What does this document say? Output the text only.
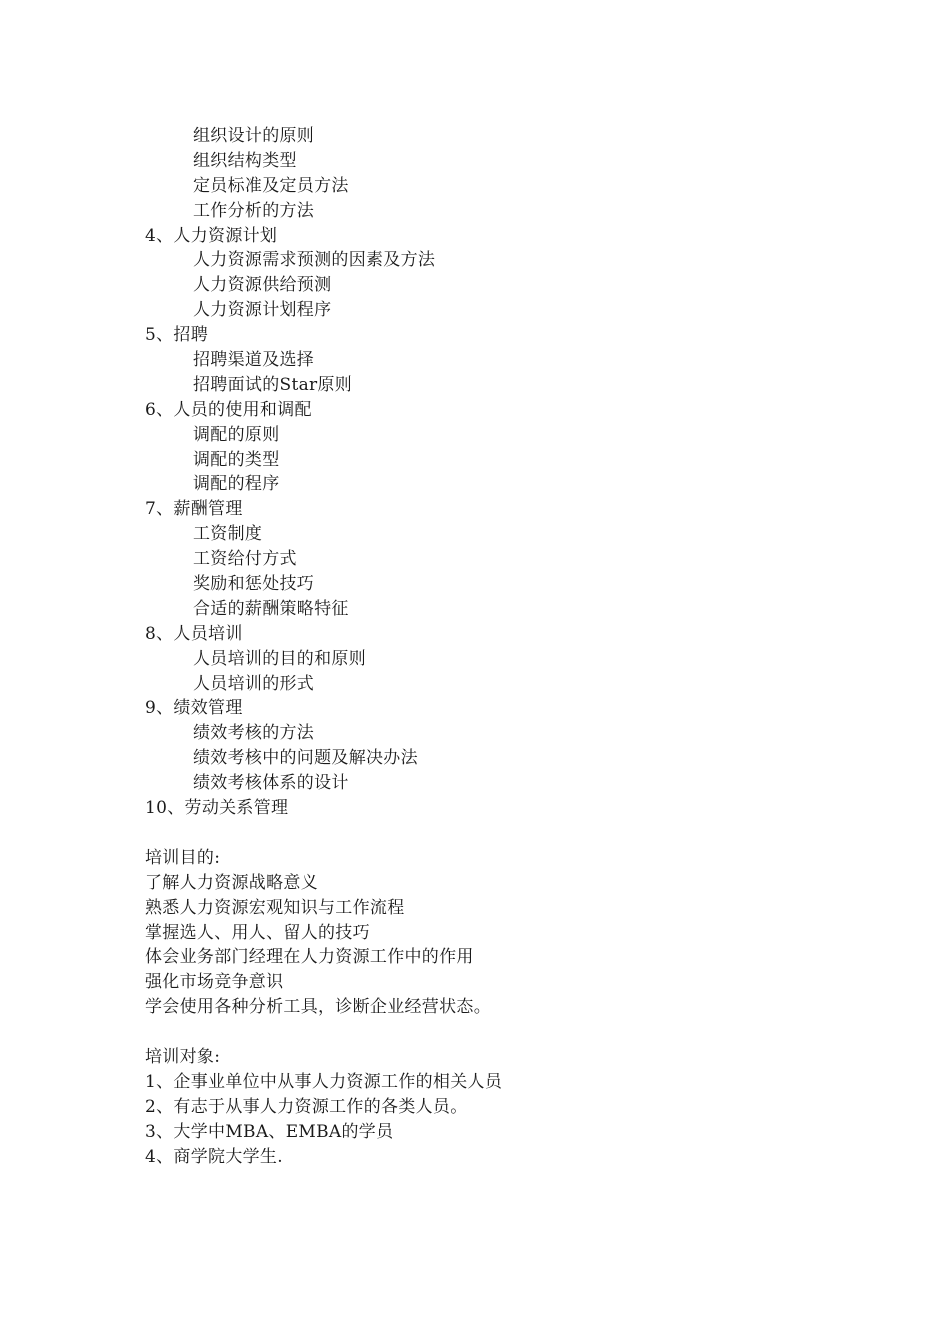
组织设计的原则
组织结构类型
定员标准及定员方法
工作分析的方法
4、人力资源计划
人力资源需求预测的因素及方法
人力资源供给预测
人力资源计划程序
5、招聘
招聘渠道及选择
招聘面试的Star原则
6、人员的使用和调配
调配的原则
调配的类型
调配的程序
7、薪酬管理
工资制度
工资给付方式
奖励和惩处技巧
合适的薪酬策略特征
8、人员培训
人员培训的目的和原则
人员培训的形式
9、绩效管理
绩效考核的方法
绩效考核中的问题及解决办法
绩效考核体系的设计
10、劳动关系管理
培训目的:
了解人力资源战略意义
熟悉人力资源宏观知识与工作流程
掌握选人、用人、留人的技巧
体会业务部门经理在人力资源工作中的作用
强化市场竞争意识
学会使用各种分析工具，诊断企业经营状态。
培训对象:
1、企事业单位中从事人力资源工作的相关人员
2、有志于从事人力资源工作的各类人员。
3、大学中MBA、EMBA的学员
4、商学院大学生.
